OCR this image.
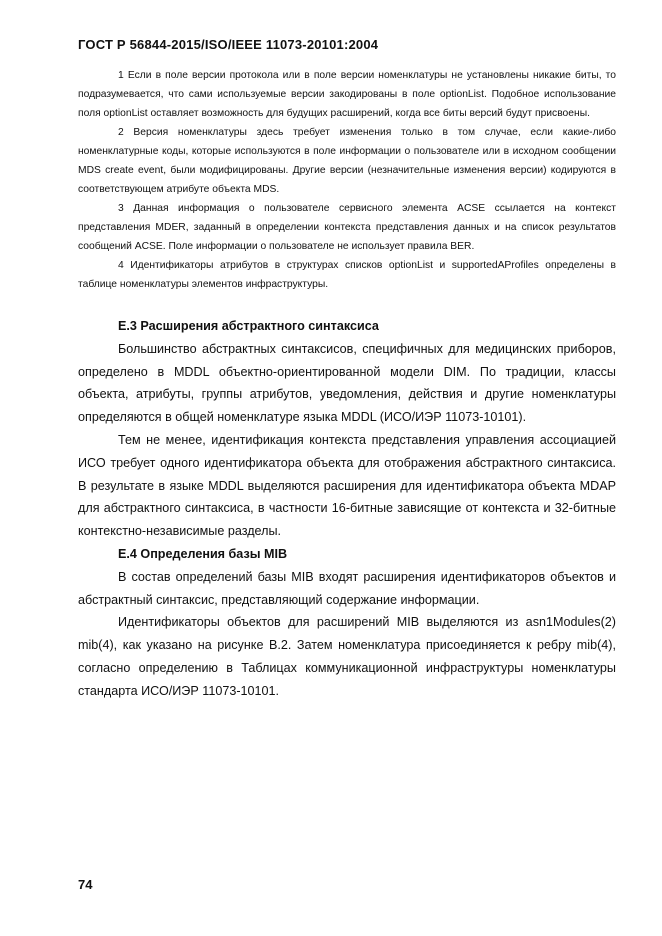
ГОСТ Р 56844-2015/ISO/IEEE 11073-20101:2004

1 Если в поле версии протокола или в поле версии номенклатуры не установлены никакие биты, то подразумевается, что сами используемые версии закодированы в поле optionList. Подобное использование поля optionList оставляет возможность для будущих расширений, когда все биты версий будут присвоены.

2 Версия номенклатуры здесь требует изменения только в том случае, если какие-либо номенклатурные коды, которые используются в поле информации о пользователе или в исходном сообщении MDS create event, были модифицированы. Другие версии (незначительные изменения версии) кодируются в соответствующем атрибуте объекта MDS.

3 Данная информация о пользователе сервисного элемента ACSE ссылается на контекст представления MDER, заданный в определении контекста представления данных и на список результатов сообщений ACSE. Поле информации о пользователе не использует правила BER.

4 Идентификаторы атрибутов в структурах списков optionList и supportedAProfiles определены в таблице номенклатуры элементов инфраструктуры.

E.3 Расширения абстрактного синтаксиса

Большинство абстрактных синтаксисов, специфичных для медицинских приборов, определено в MDDL объектно-ориентированной модели DIM. По традиции, классы объекта, атрибуты, группы атрибутов, уведомления, действия и другие номенклатуры определяются в общей номенклатуре языка MDDL (ИСО/ИЭР 11073-10101).

Тем не менее, идентификация контекста представления управления ассоциацией ИСО требует одного идентификатора объекта для отображения абстрактного синтаксиса. В результате в языке MDDL выделяются расширения для идентификатора объекта MDAP для абстрактного синтаксиса, в частности 16-битные зависящие от контекста и 32-битные контекстно-независимые разделы.

E.4 Определения базы MIB

В состав определений базы MIB входят расширения идентификаторов объектов и абстрактный синтаксис, представляющий содержание информации.

Идентификаторы объектов для расширений MIB выделяются из asn1Modules(2) mib(4), как указано на рисунке B.2. Затем номенклатура присоединяется к ребру mib(4), согласно определению в Таблицах коммуникационной инфраструктуры номенклатуры стандарта ИСО/ИЭР 11073-10101.

74
